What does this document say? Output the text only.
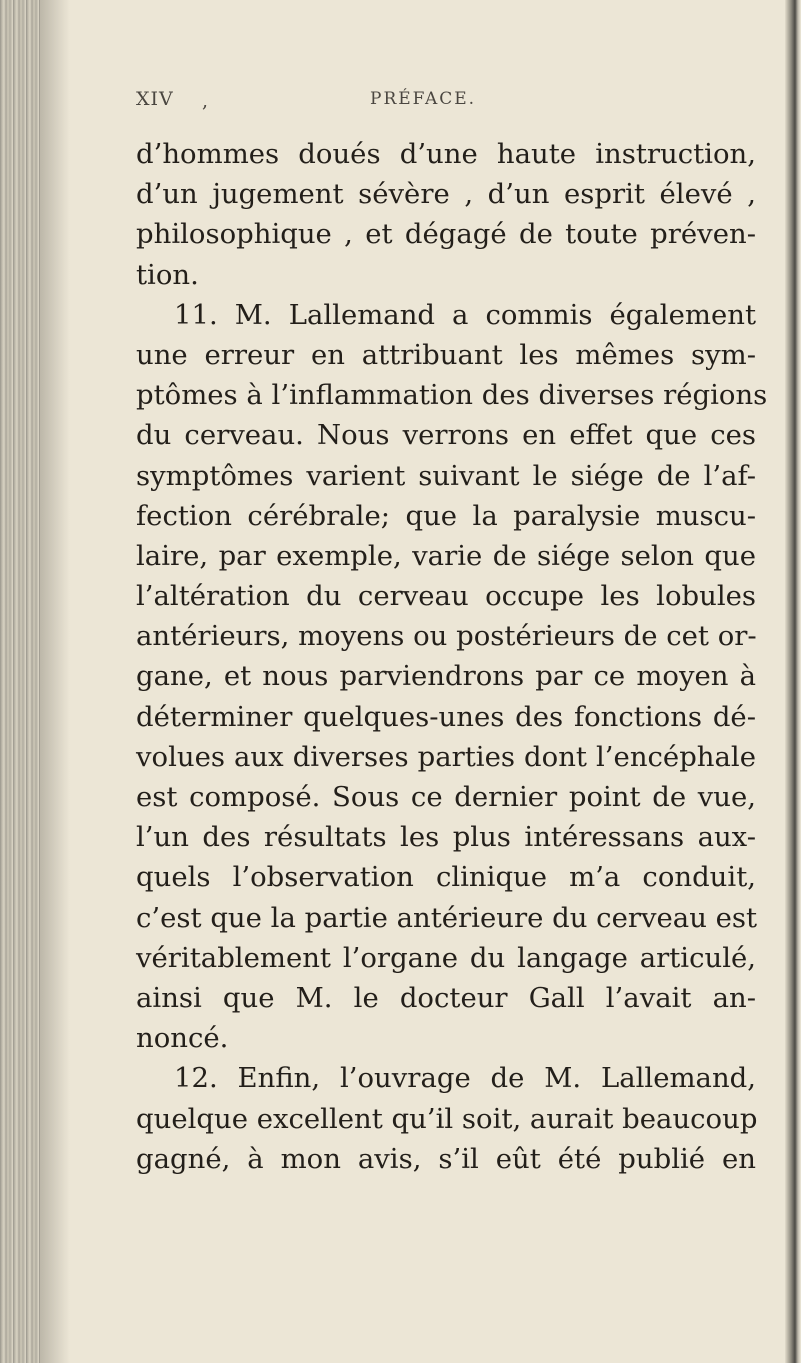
XIV ,	PRÉFACE.
d’hommes doués d’une haute instruction,
d’un jugement sévère , d’un esprit élevé ,
philosophique , et dégagé de toute préven-
tion.
11. M. Lallemand a commis également
une erreur en attribuant les mêmes sym-
ptômes à l’inflammation des diverses régions
du cerveau. Nous verrons en effet que ces
symptômes varient suivant le siége de l’af-
fection cérébrale; que la paralysie muscu-
laire, par exemple, varie de siége selon que
l’altération du cerveau occupe les lobules
antérieurs, moyens ou postérieurs de cet or-
gane, et nous parviendrons par ce moyen à
déterminer quelques-unes des fonctions dé-
volues aux diverses parties dont l’encéphale
est composé. Sous ce dernier point de vue,
l’un des résultats les plus intéressans aux-
quels l’observation clinique m’a conduit,
c’est que la partie antérieure du cerveau est
véritablement l’organe du langage articulé,
ainsi que M. le docteur Gall l’avait an-
noncé.
12. Enfin, l’ouvrage de M. Lallemand,
quelque excellent qu’il soit, aurait beaucoup
gagné, à mon avis, s’il eût été publié en
